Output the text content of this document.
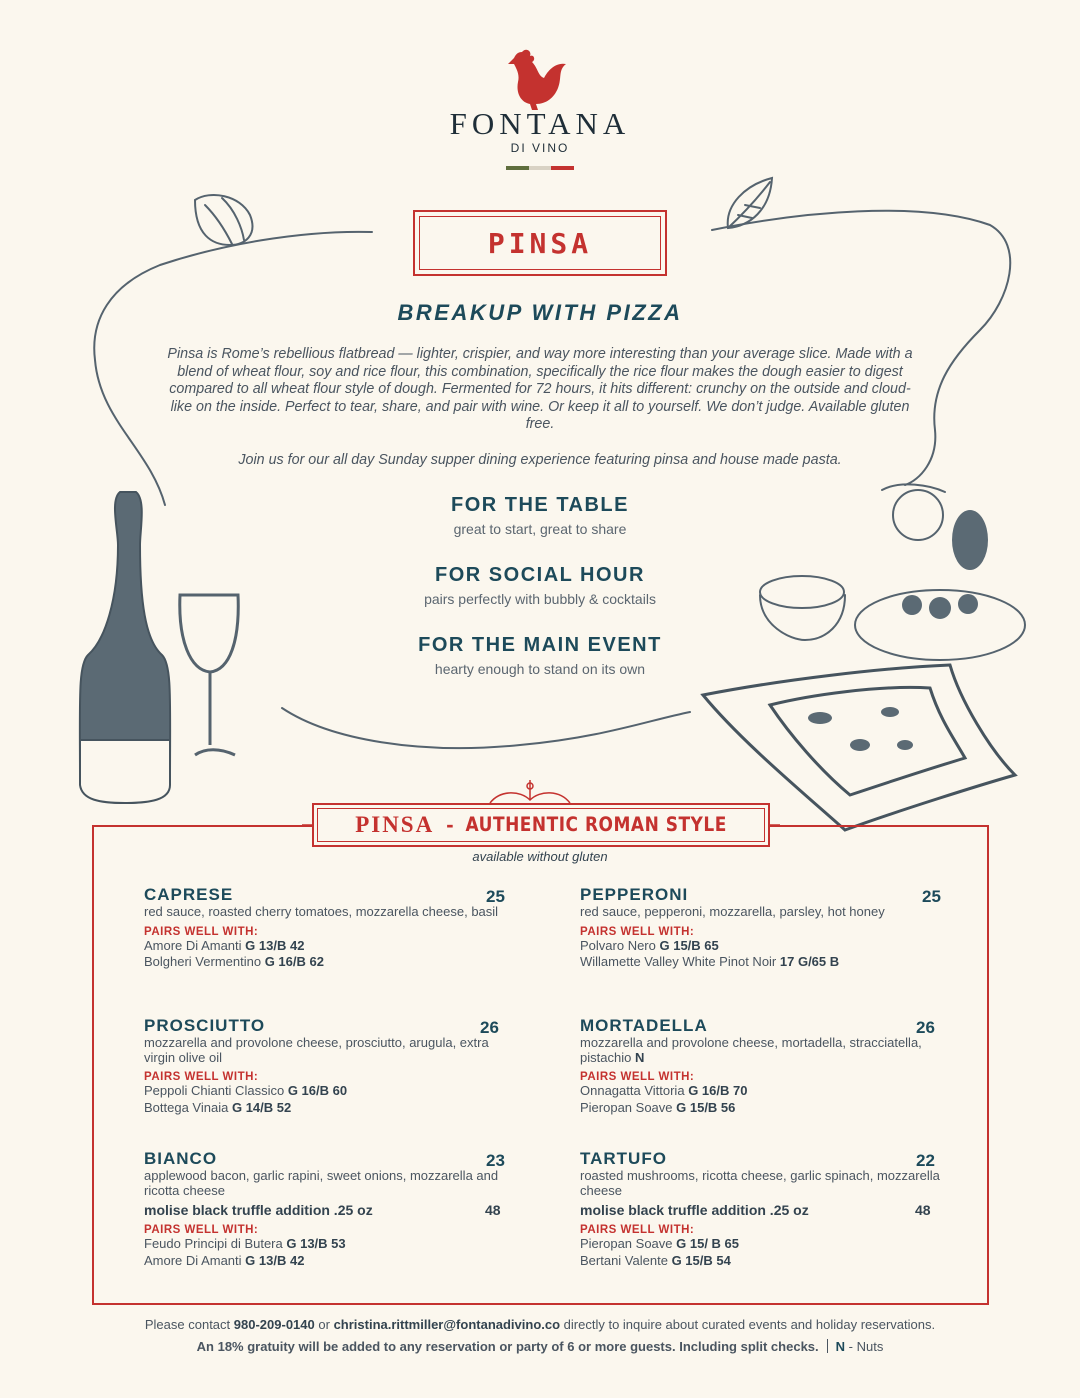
FONTANA
DI VINO
PINSA
BREAKUP WITH PIZZA
Pinsa is Rome’s rebellious flatbread — lighter, crispier, and way more interesting than your average slice. Made with a blend of wheat flour, soy and rice flour, this combination, specifically the rice flour makes the dough easier to digest compared to all wheat flour style of dough. Fermented for 72 hours, it hits different: crunchy on the outside and cloud-like on the inside. Perfect to tear, share, and pair with wine. Or keep it all to yourself. We don’t judge. Available gluten free.
Join us for our all day Sunday supper dining experience featuring pinsa and house made pasta.
FOR THE TABLE
great to start, great to share
FOR SOCIAL HOUR
pairs perfectly with bubbly & cocktails
FOR THE MAIN EVENT
hearty enough to stand on its own
PINSA - AUTHENTIC ROMAN STYLE
available without gluten
CAPRESE
red sauce, roasted cherry tomatoes, mozzarella cheese, basil
PAIRS WELL WITH:
Amore Di Amanti G 13/B 42
Bolgheri Vermentino G 16/B 62
25	PEPPERONI
red sauce, pepperoni, mozzarella, parsley, hot honey
PAIRS WELL WITH:
Polvaro Nero G 15/B 65
Willamette Valley White Pinot Noir 17 G/65 B
25
PROSCIUTTO
mozzarella and provolone cheese, prosciutto, arugula, extra virgin olive oil
PAIRS WELL WITH:
Peppoli Chianti Classico G 16/B 60
Bottega Vinaia G 14/B 52
26	MORTADELLA
mozzarella and provolone cheese, mortadella, stracciatella, pistachio N
PAIRS WELL WITH:
Onnagatta Vittoria G 16/B 70
Pieropan Soave G 15/B 56
26
BIANCO
applewood bacon, garlic rapini, sweet onions, mozzarella and ricotta cheese
molise black truffle addition .25 oz
PAIRS WELL WITH:
Feudo Principi di Butera G 13/B 53
Amore Di Amanti G 13/B 42
23
48
TARTUFO
roasted mushrooms, ricotta cheese, garlic spinach, mozzarella cheese
molise black truffle addition .25 oz
PAIRS WELL WITH:
Pieropan Soave G 15/ B 65
Bertani Valente G 15/B 54
22
48
Please contact 980-209-0140 or christina.rittmiller@fontanadivino.co directly to inquire about curated events and holiday reservations.
An 18% gratuity will be added to any reservation or party of 6 or more guests. Including split checks. N - Nuts
